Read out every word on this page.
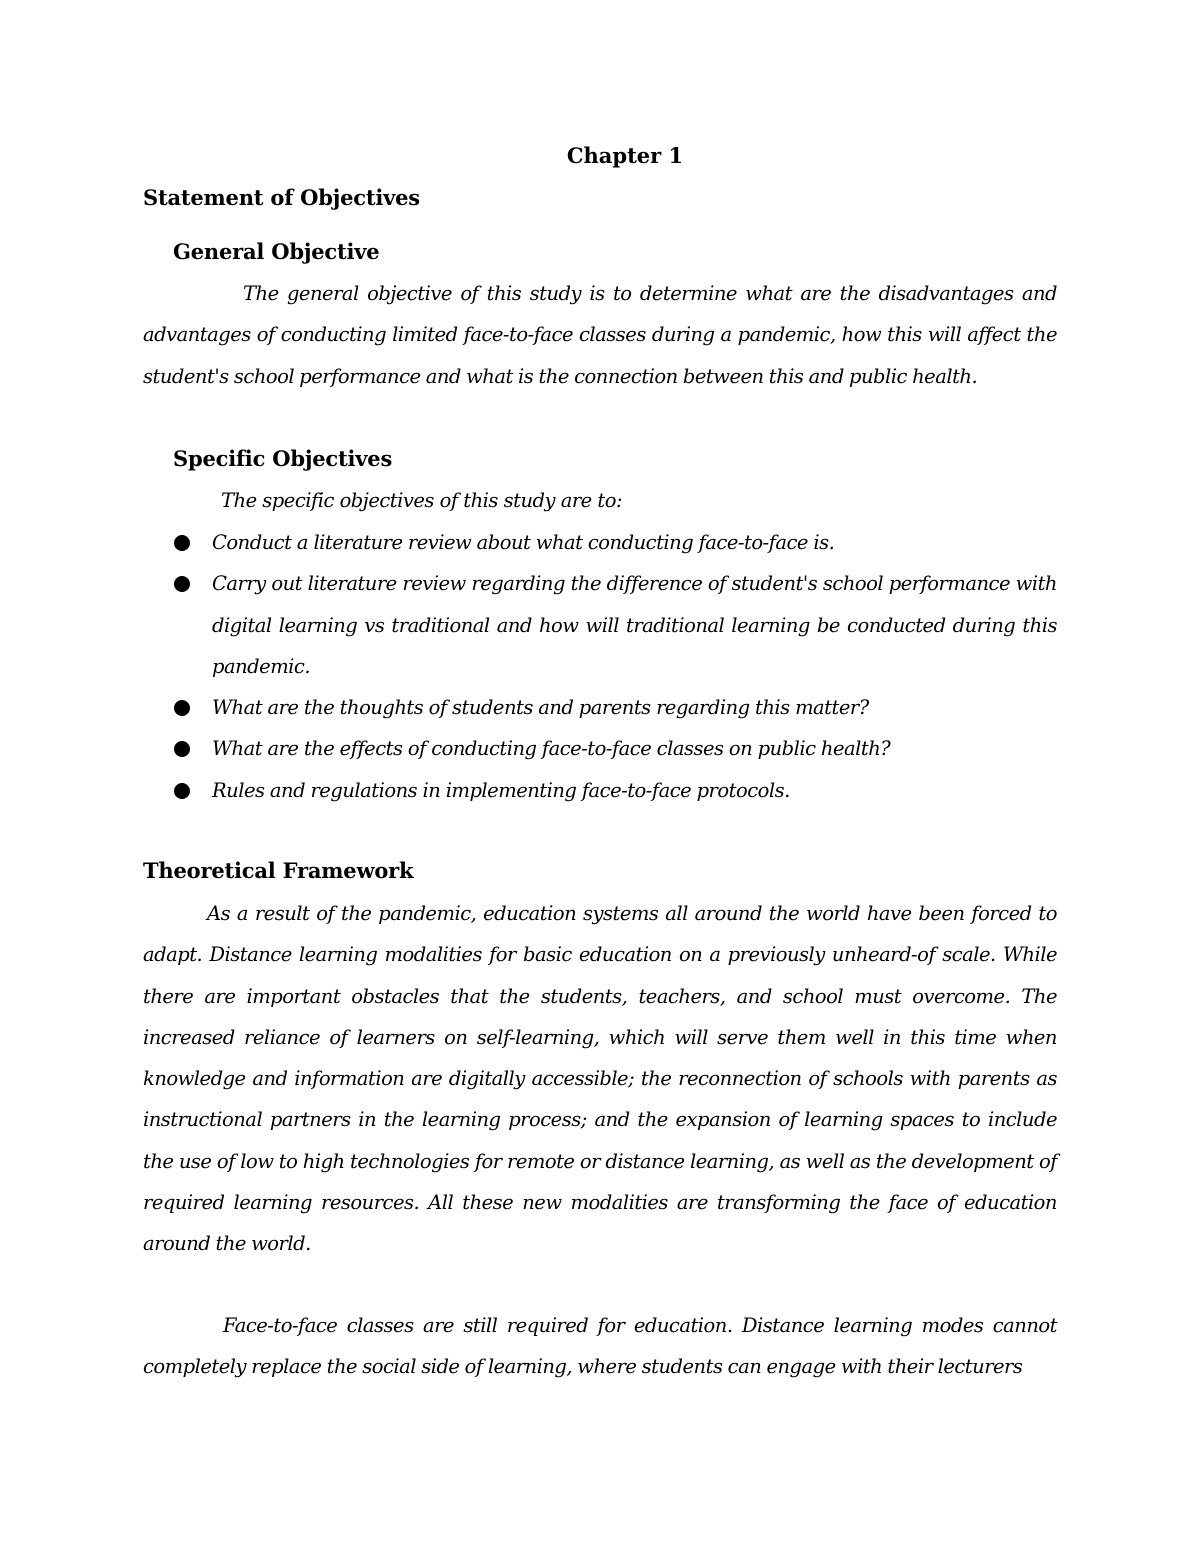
Chapter 1
Statement of Objectives
General Objective
The general objective of this study is to determine what are the disadvantages and advantages of conducting limited face-to-face classes during a pandemic, how this will affect the student's school performance and what is the connection between this and public health.
Specific Objectives
The specific objectives of this study are to:
Conduct a literature review about what conducting face-to-face is.
Carry out literature review regarding the difference of student's school performance with digital learning vs traditional and how will traditional learning be conducted during this pandemic.
What are the thoughts of students and parents regarding this matter?
What are the effects of conducting face-to-face classes on public health?
Rules and regulations in implementing face-to-face protocols.
Theoretical Framework
As a result of the pandemic, education systems all around the world have been forced to adapt. Distance learning modalities for basic education on a previously unheard-of scale. While there are important obstacles that the students, teachers, and school must overcome. The increased reliance of learners on self-learning, which will serve them well in this time when knowledge and information are digitally accessible; the reconnection of schools with parents as instructional partners in the learning process; and the expansion of learning spaces to include the use of low to high technologies for remote or distance learning, as well as the development of required learning resources. All these new modalities are transforming the face of education around the world.
Face-to-face classes are still required for education. Distance learning modes cannot completely replace the social side of learning, where students can engage with their lecturers
